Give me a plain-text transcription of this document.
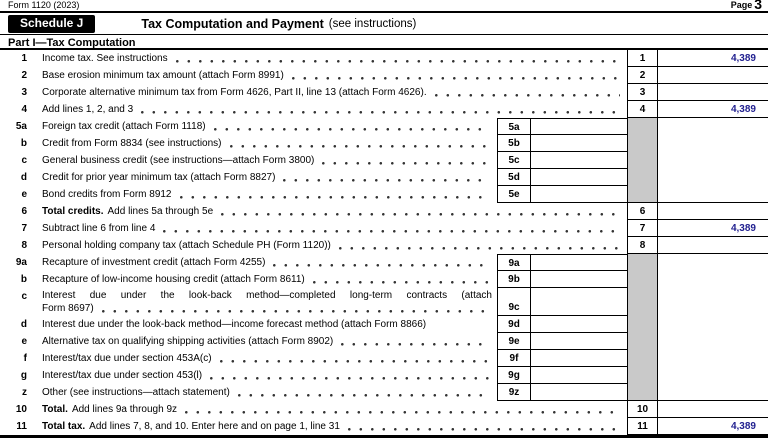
Form 1120 (2023)	Page 3
Schedule J	Tax Computation and Payment (see instructions)
Part I—Tax Computation
1 Income tax. See instructions	1	4,389
2 Base erosion minimum tax amount (attach Form 8991)	2
3 Corporate alternative minimum tax from Form 4626, Part II, line 13 (attach Form 4626).	3
4 Add lines 1, 2, and 3	4	4,389
5a Foreign tax credit (attach Form 1118)	5a
b Credit from Form 8834 (see instructions)	5b
c General business credit (see instructions—attach Form 3800)	5c
d Credit for prior year minimum tax (attach Form 8827)	5d
e Bond credits from Form 8912	5e
6 Total credits. Add lines 5a through 5e	6
7 Subtract line 6 from line 4	7	4,389
8 Personal holding company tax (attach Schedule PH (Form 1120))	8
9a Recapture of investment credit (attach Form 4255)	9a
b Recapture of low-income housing credit (attach Form 8611)	9b
c Interest due under the look-back method—completed long-term contracts (attach
Form 8697)	9c
d Interest due under the look-back method—income forecast method (attach Form 8866)	9d
e Alternative tax on qualifying shipping activities (attach Form 8902)	9e
f Interest/tax due under section 453A(c)	9f
g Interest/tax due under section 453(l)	9g
z Other (see instructions—attach statement)	9z
10 Total. Add lines 9a through 9z	10
11 Total tax. Add lines 7, 8, and 10. Enter here and on page 1, line 31	11	4,389
